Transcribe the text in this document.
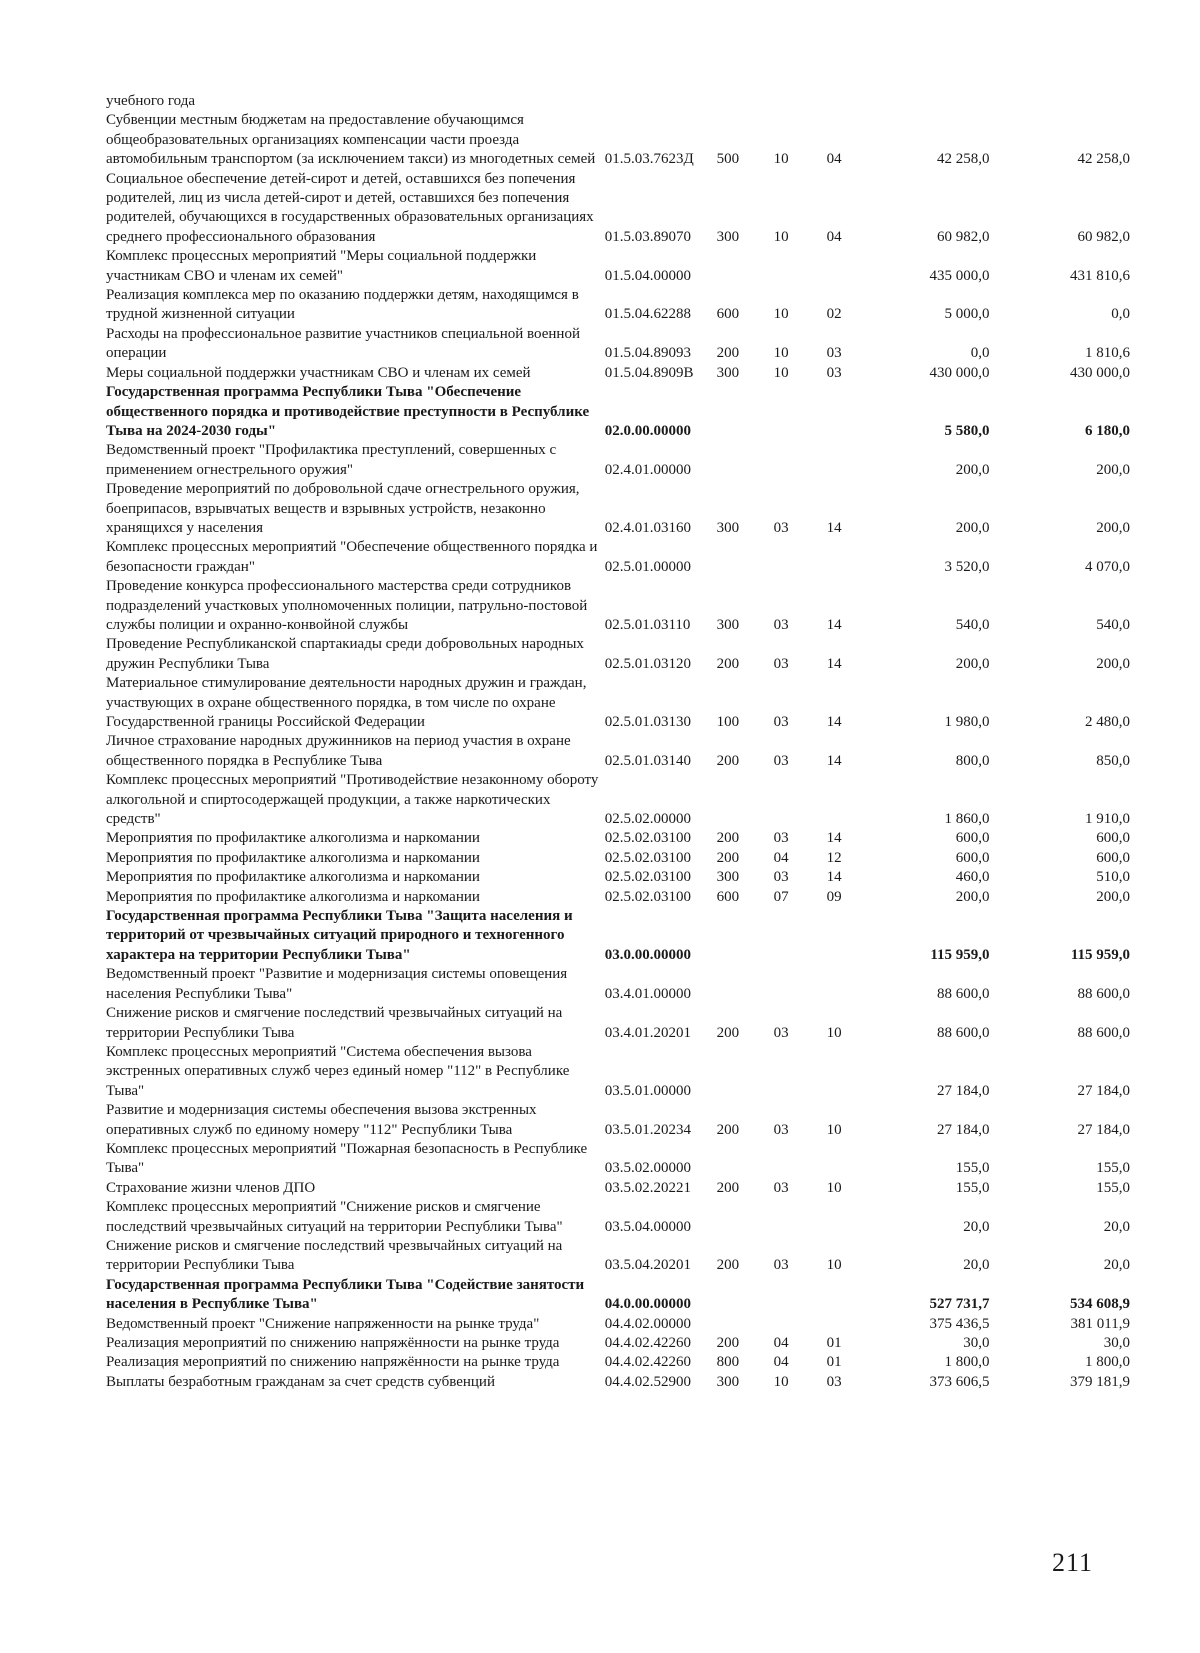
учебного года						
Субвенции местным бюджетам на предоставление обучающимся общеобразовательных организациях компенсации части проезда автомобильным транспортом (за исключением такси) из многодетных семей	01.5.03.7623Д	500	10	04	42 258,0	42 258,0
Социальное обеспечение детей-сирот и детей, оставшихся без попечения родителей, лиц из числа детей-сирот и детей, оставшихся без попечения родителей, обучающихся в государственных образовательных организациях среднего профессионального образования	01.5.03.89070	300	10	04	60 982,0	60 982,0
Комплекс процессных мероприятий "Меры социальной поддержки участникам СВО и членам их семей"	01.5.04.00000				435 000,0	431 810,6
Реализация комплекса мер по оказанию поддержки детям, находящимся в трудной жизненной ситуации	01.5.04.62288	600	10	02	5 000,0	0,0
Расходы на профессиональное развитие участников специальной военной операции	01.5.04.89093	200	10	03	0,0	1 810,6
Меры социальной поддержки участникам СВО и членам их семей	01.5.04.8909В	300	10	03	430 000,0	430 000,0
Государственная программа Республики Тыва "Обеспечение общественного порядка и противодействие преступности в Республике Тыва на 2024-2030 годы"	02.0.00.00000				5 580,0	6 180,0
Ведомственный проект "Профилактика преступлений, совершенных с применением огнестрельного оружия"	02.4.01.00000				200,0	200,0
Проведение мероприятий по добровольной сдаче огнестрельного оружия, боеприпасов, взрывчатых веществ и взрывных устройств, незаконно хранящихся у населения	02.4.01.03160	300	03	14	200,0	200,0
Комплекс процессных мероприятий "Обеспечение общественного порядка и безопасности граждан"	02.5.01.00000				3 520,0	4 070,0
Проведение конкурса профессионального мастерства среди сотрудников подразделений участковых уполномоченных полиции, патрульно-постовой службы полиции и охранно-конвойной службы	02.5.01.03110	300	03	14	540,0	540,0
Проведение Республиканской спартакиады среди добровольных народных дружин Республики Тыва	02.5.01.03120	200	03	14	200,0	200,0
Материальное стимулирование деятельности народных дружин и граждан, участвующих в охране общественного порядка, в том числе по охране Государственной границы Российской Федерации	02.5.01.03130	100	03	14	1 980,0	2 480,0
Личное страхование народных дружинников на период участия в охране общественного порядка в Республике Тыва	02.5.01.03140	200	03	14	800,0	850,0
Комплекс процессных мероприятий "Противодействие незаконному обороту алкогольной и спиртосодержащей продукции, а также наркотических средств"	02.5.02.00000				1 860,0	1 910,0
Мероприятия по профилактике алкоголизма и наркомании	02.5.02.03100	200	03	14	600,0	600,0
Мероприятия по профилактике алкоголизма и наркомании	02.5.02.03100	200	04	12	600,0	600,0
Мероприятия по профилактике алкоголизма и наркомании	02.5.02.03100	300	03	14	460,0	510,0
Мероприятия по профилактике алкоголизма и наркомании	02.5.02.03100	600	07	09	200,0	200,0
Государственная программа Республики Тыва "Защита населения и территорий от чрезвычайных ситуаций природного и техногенного характера на территории Республики Тыва"	03.0.00.00000				115 959,0	115 959,0
Ведомственный проект "Развитие и модернизация системы оповещения населения Республики Тыва"	03.4.01.00000				88 600,0	88 600,0
Снижение рисков и смягчение последствий чрезвычайных ситуаций на территории Республики Тыва	03.4.01.20201	200	03	10	88 600,0	88 600,0
Комплекс процессных мероприятий "Система обеспечения вызова экстренных оперативных служб через единый номер "112" в Республике Тыва"	03.5.01.00000				27 184,0	27 184,0
Развитие и модернизация системы обеспечения вызова экстренных оперативных служб по единому номеру "112" Республики Тыва	03.5.01.20234	200	03	10	27 184,0	27 184,0
Комплекс процессных мероприятий "Пожарная безопасность в Республике Тыва"	03.5.02.00000				155,0	155,0
Страхование жизни членов ДПО	03.5.02.20221	200	03	10	155,0	155,0
Комплекс процессных мероприятий "Снижение рисков и смягчение последствий чрезвычайных ситуаций на территории Республики Тыва"	03.5.04.00000				20,0	20,0
Снижение рисков и смягчение последствий чрезвычайных ситуаций на территории Республики Тыва	03.5.04.20201	200	03	10	20,0	20,0
Государственная программа Республики Тыва "Содействие занятости населения в Республике Тыва"	04.0.00.00000				527 731,7	534 608,9
Ведомственный проект "Снижение напряженности на рынке труда"	04.4.02.00000				375 436,5	381 011,9
Реализация мероприятий по снижению напряжённости на рынке труда	04.4.02.42260	200	04	01	30,0	30,0
Реализация мероприятий по снижению напряжённости на рынке труда	04.4.02.42260	800	04	01	1 800,0	1 800,0
Выплаты безработным гражданам за счет средств субвенций	04.4.02.52900	300	10	03	373 606,5	379 181,9
211
